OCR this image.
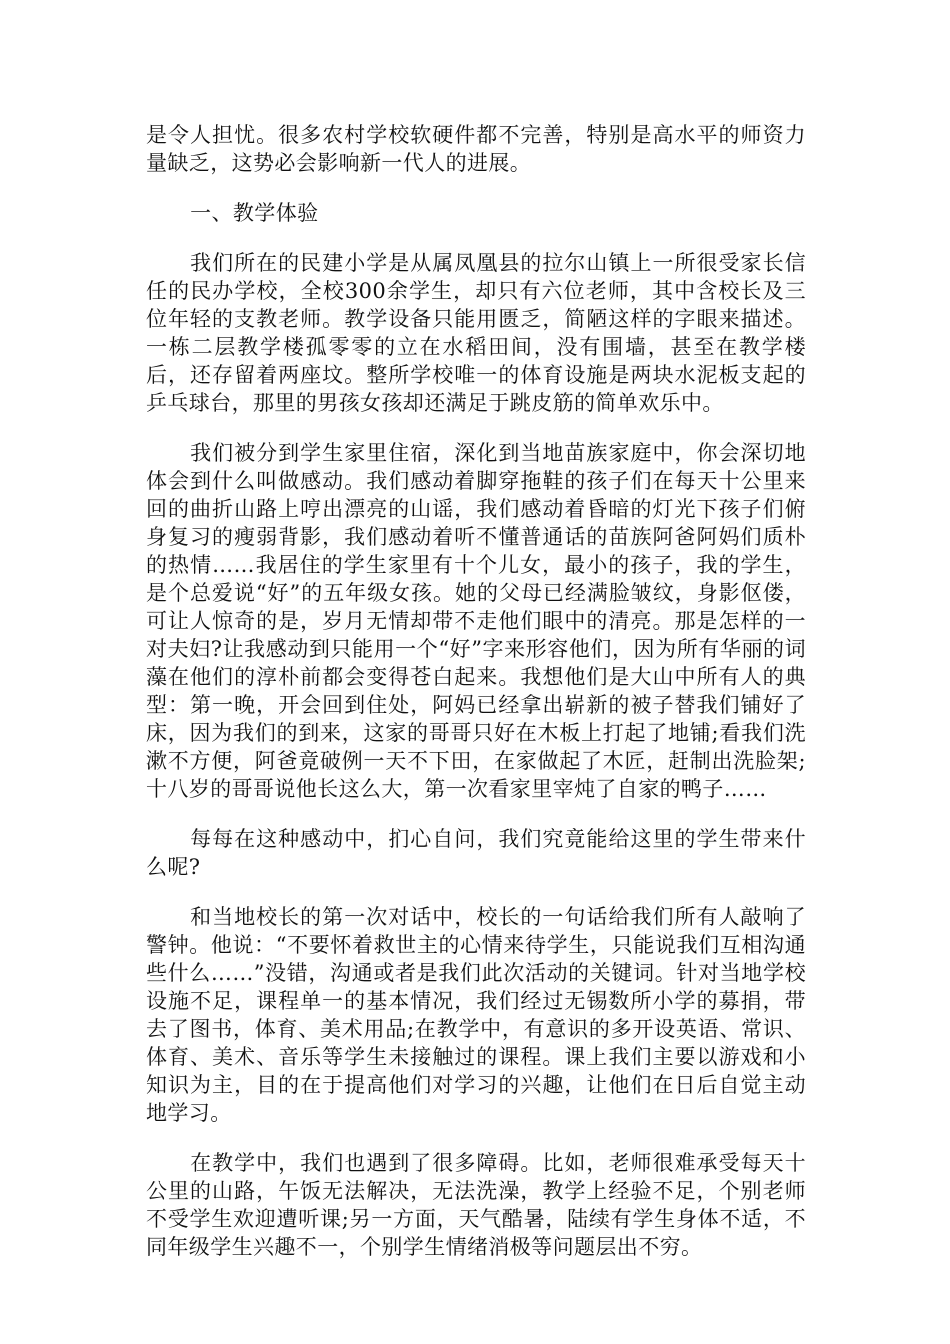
是令人担忧。很多农村学校软硬件都不完善，特别是高水平的师资力量缺乏，这势必会影响新一代人的进展。

一、教学体验

我们所在的民建小学是从属凤凰县的拉尔山镇上一所很受家长信任的民办学校，全校300余学生，却只有六位老师，其中含校长及三位年轻的支教老师。教学设备只能用匮乏，简陋这样的字眼来描述。一栋二层教学楼孤零零的立在水稻田间，没有围墙，甚至在教学楼后，还存留着两座坟。整所学校唯一的体育设施是两块水泥板支起的乒乓球台，那里的男孩女孩却还满足于跳皮筋的简单欢乐中。

我们被分到学生家里住宿，深化到当地苗族家庭中，你会深切地体会到什么叫做感动。我们感动着脚穿拖鞋的孩子们在每天十公里来回的曲折山路上哼出漂亮的山谣，我们感动着昏暗的灯光下孩子们俯身复习的瘦弱背影，我们感动着听不懂普通话的苗族阿爸阿妈们质朴的热情……我居住的学生家里有十个儿女，最小的孩子，我的学生，是个总爱说“好”的五年级女孩。她的父母已经满脸皱纹，身影伛偻，可让人惊奇的是，岁月无情却带不走他们眼中的清亮。那是怎样的一对夫妇?让我感动到只能用一个“好”字来形容他们，因为所有华丽的词藻在他们的淳朴前都会变得苍白起来。我想他们是大山中所有人的典型：第一晚，开会回到住处，阿妈已经拿出崭新的被子替我们铺好了床，因为我们的到来，这家的哥哥只好在木板上打起了地铺;看我们洗漱不方便，阿爸竟破例一天不下田，在家做起了木匠，赶制出洗脸架;十八岁的哥哥说他长这么大，第一次看家里宰炖了自家的鸭子……

每每在这种感动中，扪心自问，我们究竟能给这里的学生带来什么呢?

和当地校长的第一次对话中，校长的一句话给我们所有人敲响了警钟。他说：“不要怀着救世主的心情来待学生，只能说我们互相沟通些什么……”没错，沟通或者是我们此次活动的关键词。针对当地学校设施不足，课程单一的基本情况，我们经过无锡数所小学的募捐，带去了图书，体育、美术用品;在教学中，有意识的多开设英语、常识、体育、美术、音乐等学生未接触过的课程。课上我们主要以游戏和小知识为主，目的在于提高他们对学习的兴趣，让他们在日后自觉主动地学习。

在教学中，我们也遇到了很多障碍。比如，老师很难承受每天十公里的山路，午饭无法解决，无法洗澡，教学上经验不足，个别老师不受学生欢迎遭听课;另一方面，天气酷暑，陆续有学生身体不适，不同年级学生兴趣不一，个别学生情绪消极等问题层出不穷。
